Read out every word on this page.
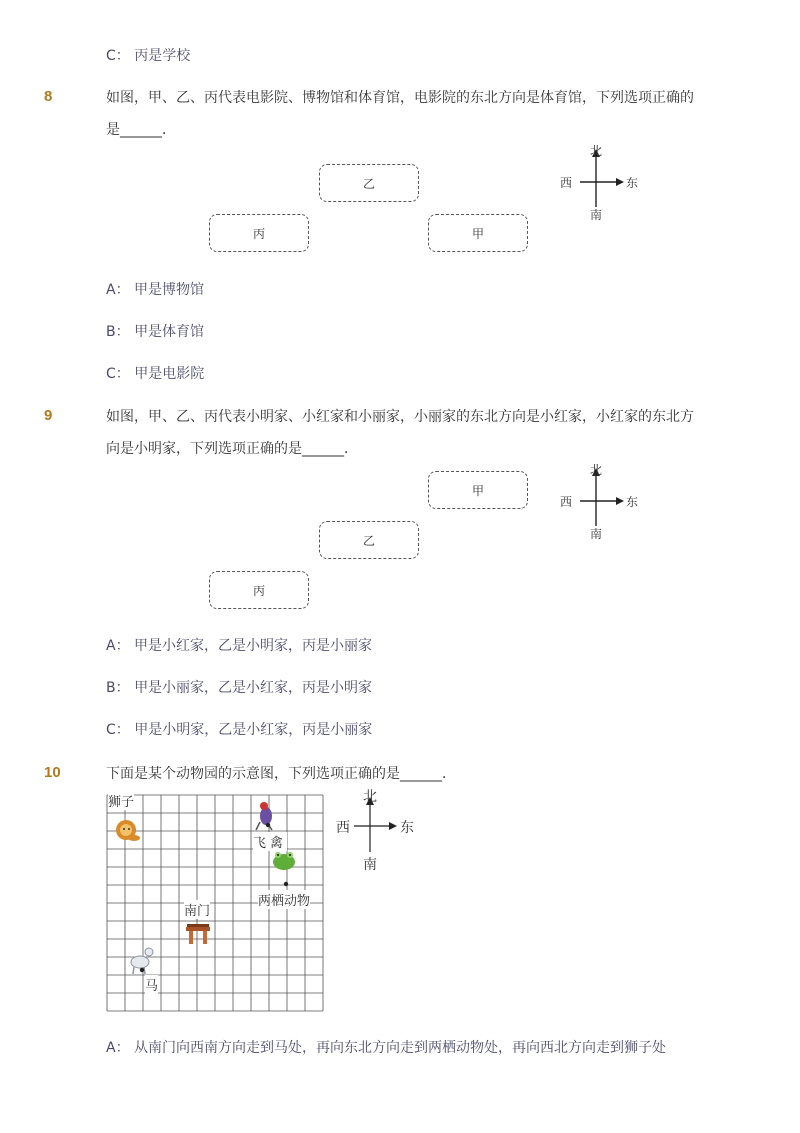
C： 丙是学校
8	如图，甲、乙、丙代表电影院、博物馆和体育馆，电影院的东北方向是体育馆，下列选项正确的
是______．
乙
丙	甲
北
南
西	东
A： 甲是博物馆
B： 甲是体育馆
C： 甲是电影院
9	如图，甲、乙、丙代表小明家、小红家和小丽家，小丽家的东北方向是小红家，小红家的东北方
向是小明家，下列选项正确的是______．
甲
乙
丙
北
南
西	东
A： 甲是小红家，乙是小明家，丙是小丽家
B： 甲是小丽家，乙是小红家，丙是小明家
C： 甲是小明家，乙是小红家，丙是小丽家
10	下面是某个动物园的示意图，下列选项正确的是______．
狮子
飞禽
两栖动物
南门
马
北
南
西	东
A： 从南门向西南方向走到马处，再向东北方向走到两栖动物处，再向西北方向走到狮子处
